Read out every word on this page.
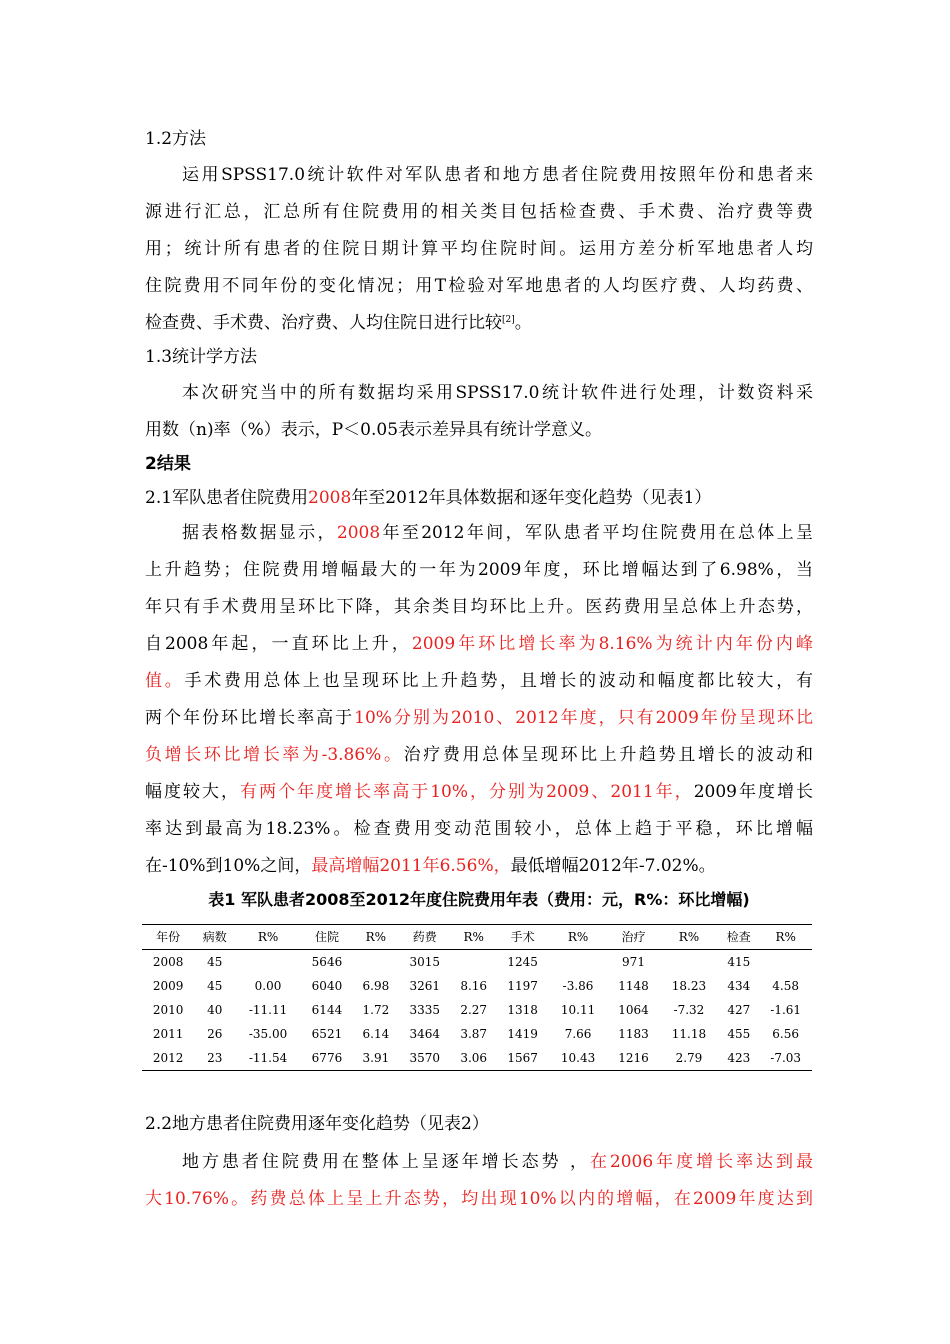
1.2方法
运用SPSS17.0统计软件对军队患者和地方患者住院费用按照年份和患者来
源进行汇总，汇总所有住院费用的相关类目包括检查费、手术费、治疗费等费
用；统计所有患者的住院日期计算平均住院时间。运用方差分析军地患者人均
住院费用不同年份的变化情况；用T检验对军地患者的人均医疗费、人均药费、
检查费、手术费、治疗费、人均住院日进行比较[2]。
1.3统计学方法
本次研究当中的所有数据均采用SPSS17.0统计软件进行处理，计数资料采
用数（n)率（%）表示，P＜0.05表示差异具有统计学意义。
2结果
2.1军队患者住院费用2008年至2012年具体数据和逐年变化趋势（见表1）
据表格数据显示，2008年至2012年间，军队患者平均住院费用在总体上呈
上升趋势；住院费用增幅最大的一年为2009年度，环比增幅达到了6.98%，当
年只有手术费用呈环比下降，其余类目均环比上升。医药费用呈总体上升态势，
自2008年起，一直环比上升，2009年环比增长率为8.16%为统计内年份内峰
值。手术费用总体上也呈现环比上升趋势，且增长的波动和幅度都比较大，有
两个年份环比增长率高于10%分别为2010、2012年度，只有2009年份呈现环比
负增长环比增长率为-3.86%。治疗费用总体呈现环比上升趋势且增长的波动和
幅度较大，有两个年度增长率高于10%，分别为2009、2011年，2009年度增长
率达到最高为18.23%。检查费用变动范围较小，总体上趋于平稳，环比增幅
在-10%到10%之间，最高增幅2011年6.56%，最低增幅2012年-7.02%。
表1 军队患者2008至2012年度住院费用年表（费用：元，R%：环比增幅)
年份	病数	R%	住院	R%	药费	R%	手术	R%	治疗	R%	检查	R%
2008	45		5646		3015		1245		971		415	
2009	45	0.00	6040	6.98	3261	8.16	1197	-3.86	1148	18.23	434	4.58
2010	40	-11.11	6144	1.72	3335	2.27	1318	10.11	1064	-7.32	427	-1.61
2011	26	-35.00	6521	6.14	3464	3.87	1419	7.66	1183	11.18	455	6.56
2012	23	-11.54	6776	3.91	3570	3.06	1567	10.43	1216	2.79	423	-7.03
2.2地方患者住院费用逐年变化趋势（见表2）
地方患者住院费用在整体上呈逐年增长态势 ，在2006年度增长率达到最
大10.76%。药费总体上呈上升态势，均出现10%以内的增幅，在2009年度达到
